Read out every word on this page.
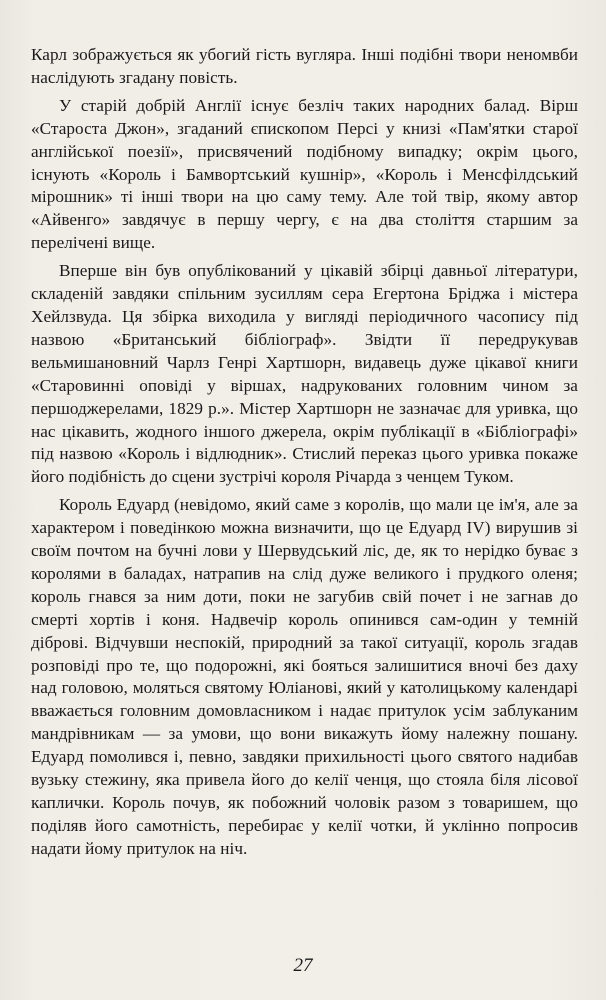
Карл зображується як убогий гість вугляра. Інші подібні твори неномвби наслідують згадану повість.

У старій добрій Англії існує безліч таких народних балад. Вірш «Староста Джон», згаданий єпископом Персі у книзі «Пам'ятки старої англійської поезії», присвячений подібному випадку; окрім цього, існують «Король і Бамвортський кушнір», «Король і Менсфілдський мірошник» ті інші твори на цю саму тему. Але той твір, якому автор «Айвенго» завдячує в першу чергу, є на два століття старшим за перелічені вище.

Вперше він був опублікований у цікавій збірці давньої літератури, складеній завдяки спільним зусиллям сера Егертона Бріджа і містера Хейлзвуда. Ця збірка виходила у вигляді періодичного часопису під назвою «Британський бібліограф». Звідти її передрукував вельмишановний Чарлз Генрі Хартшорн, видавець дуже цікавої книги «Старовинні оповіді у віршах, надрукованих головним чином за першоджерелами, 1829 р.». Містер Хартшорн не зазначає для уривка, що нас цікавить, жодного іншого джерела, окрім публікації в «Бібліографі» під назвою «Король і відлюдник». Стислий переказ цього уривка покаже його подібність до сцени зустрічі короля Річарда з ченцем Туком.

Король Едуард (невідомо, який саме з королів, що мали це ім'я, але за характером і поведінкою можна визначити, що це Едуард IV) вирушив зі своїм почтом на бучні лови у Шервудський ліс, де, як то нерідко буває з королями в баладах, натрапив на слід дуже великого і прудкого оленя; король гнався за ним доти, поки не загубив свій почет і не загнав до смерті хортів і коня. Надвечір король опинився сам-один у темній діброві. Відчувши неспокій, природний за такої ситуації, король згадав розповіді про те, що подорожні, які бояться залишитися вночі без даху над головою, моляться святому Юліанові, який у католицькому календарі вважається головним домовласником і надає притулок усім заблуканим мандрівникам — за умови, що вони викажуть йому належну пошану. Едуард помолився і, певно, завдяки прихильності цього святого надибав вузьку стежину, яка привела його до келії ченця, що стояла біля лісової каплички. Король почув, як побожний чоловік разом з товаришем, що поділяв його самотність, перебирає у келії чотки, й уклінно попросив надати йому притулок на ніч.

27
